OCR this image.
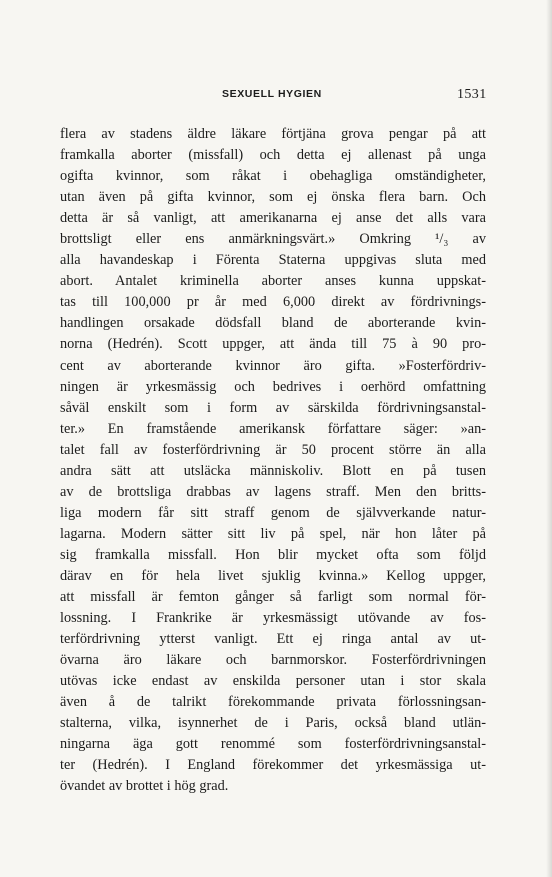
SEXUELL HYGIEN	1531
flera av stadens äldre läkare förtjäna grova pengar på att
framkalla aborter (missfall) och detta ej allenast på unga
ogifta kvinnor, som råkat i obehagliga omständigheter,
utan även på gifta kvinnor, som ej önska flera barn. Och
detta är så vanligt, att amerikanarna ej anse det alls vara
brottsligt eller ens anmärkningsvärt.» Omkring ¹/₃ av
alla havandeskap i Förenta Staterna uppgivas sluta med
abort. Antalet kriminella aborter anses kunna uppskat-
tas till 100,000 pr år med 6,000 direkt av fördrivnings-
handlingen orsakade dödsfall bland de aborterande kvin-
norna (Hedrén). Scott uppger, att ända till 75 à 90 pro-
cent av aborterande kvinnor äro gifta. »Fosterfördriv-
ningen är yrkesmässig och bedrives i oerhörd omfattning
såväl enskilt som i form av särskilda fördrivningsanstal-
ter.» En framstående amerikansk författare säger: »an-
talet fall av fosterfördrivning är 50 procent större än alla
andra sätt att utsläcka människoliv. Blott en på tusen
av de brottsliga drabbas av lagens straff. Men den britts-
liga modern får sitt straff genom de självverkande natur-
lagarna. Modern sätter sitt liv på spel, när hon låter på
sig framkalla missfall. Hon blir mycket ofta som följd
därav en för hela livet sjuklig kvinna.» Kellog uppger,
att missfall är femton gånger så farligt som normal för-
lossning. I Frankrike är yrkesmässigt utövande av fos-
terfördrivning ytterst vanligt. Ett ej ringa antal av ut-
övarna äro läkare och barnmorskor. Fosterfördrivningen
utövas icke endast av enskilda personer utan i stor skala
även å de talrikt förekommande privata förlossningsan-
stalterna, vilka, isynnerhet de i Paris, också bland utlän-
ningarna äga gott renommé som fosterfördrivningsanstal-
ter (Hedrén). I England förekommer det yrkesmässiga ut-
övandet av brottet i hög grad.
